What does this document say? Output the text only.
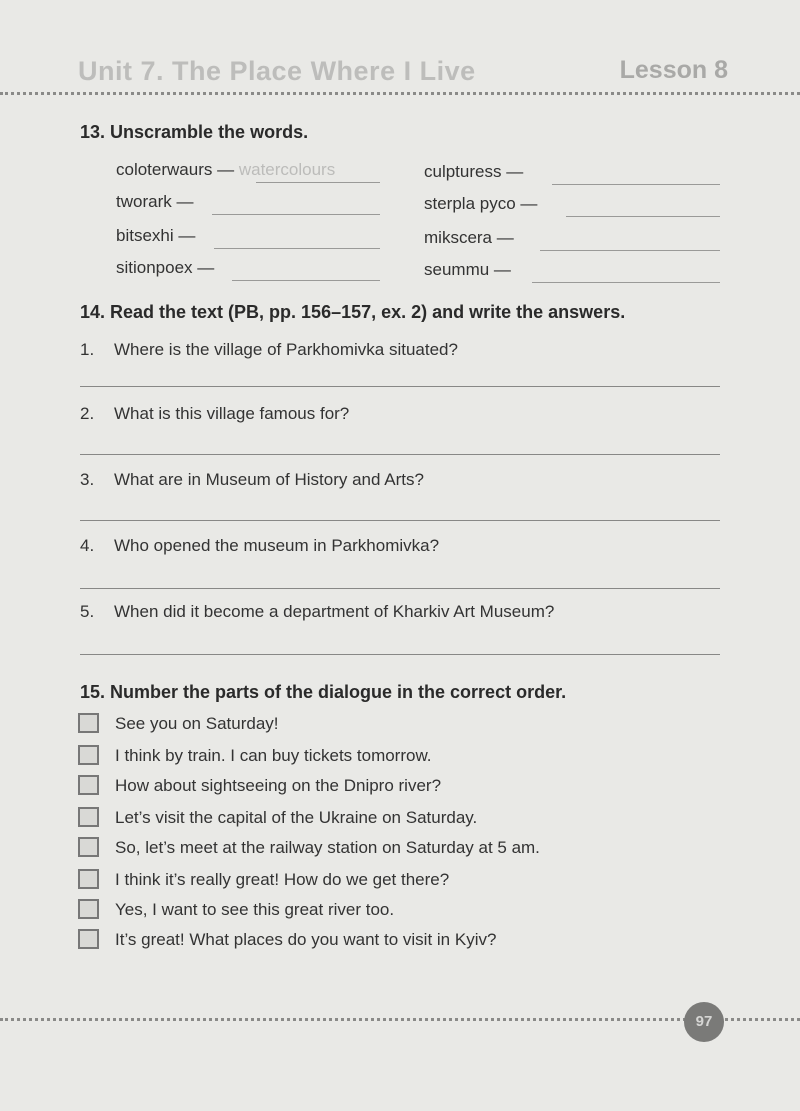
Unit 7. The Place Where I Live	Lesson 8
13. Unscramble the words.
coloterwaurs — watercolours
tworark —
bitsexhi —
sitionpoex —
culpturess —
sterpla pyco —
mikscera —
seummu —
14. Read the text (PB, pp. 156–157, ex. 2) and write the answers.
1. Where is the village of Parkhomivka situated?
2. What is this village famous for?
3. What are in Museum of History and Arts?
4. Who opened the museum in Parkhomivka?
5. When did it become a department of Kharkiv Art Museum?
15. Number the parts of the dialogue in the correct order.
See you on Saturday!
I think by train. I can buy tickets tomorrow.
How about sightseeing on the Dnipro river?
Let’s visit the capital of the Ukraine on Saturday.
So, let’s meet at the railway station on Saturday at 5 am.
I think it’s really great! How do we get there?
Yes, I want to see this great river too.
It’s great! What places do you want to visit in Kyiv?
97
